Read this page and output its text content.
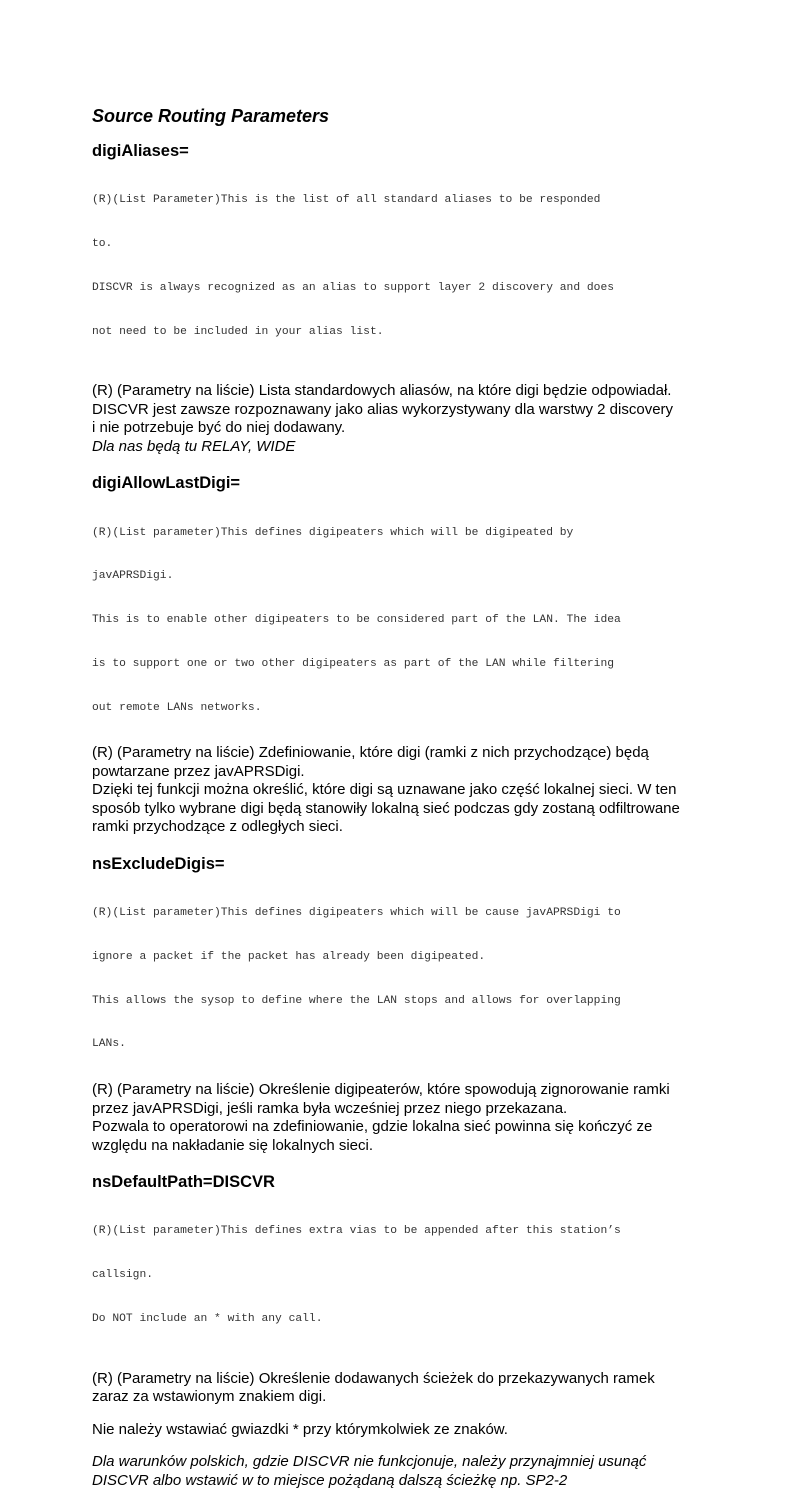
Source Routing Parameters
digiAliases=

(R)(List Parameter)This is the list of all standard aliases to be responded

to.

DISCVR is always recognized as an alias to support layer 2 discovery and does

not need to be included in your alias list.

(R) (Parametry na liście) Lista standardowych aliasów, na które digi będzie odpowiadał.
DISCVR jest zawsze rozpoznawany jako alias wykorzystywany dla warstwy 2 discovery
i nie potrzebuje być do niej dodawany.
Dla nas będą tu RELAY, WIDE
digiAllowLastDigi=

(R)(List parameter)This defines digipeaters which will be digipeated by

javAPRSDigi.

This is to enable other digipeaters to be considered part of the LAN. The idea

is to support one or two other digipeaters as part of the LAN while filtering

out remote LANs networks.

(R) (Parametry na liście) Zdefiniowanie, które digi (ramki z nich przychodzące) będą
powtarzane przez javAPRSDigi.
Dzięki tej funkcji można określić, które digi są uznawane jako część lokalnej sieci. W ten
sposób tylko wybrane digi będą stanowiły lokalną sieć podczas gdy zostaną odfiltrowane
ramki przychodzące z odległych sieci.
nsExcludeDigis=

(R)(List parameter)This defines digipeaters which will be cause javAPRSDigi to

ignore a packet if the packet has already been digipeated.

This allows the sysop to define where the LAN stops and allows for overlapping

LANs.

(R) (Parametry na liście) Określenie digipeaterów, które spowodują zignorowanie ramki
przez javAPRSDigi, jeśli ramka była wcześniej przez niego przekazana.
Pozwala to operatorowi na zdefiniowanie, gdzie lokalna sieć powinna się kończyć ze
względu na nakładanie się lokalnych sieci.
nsDefaultPath=DISCVR

(R)(List parameter)This defines extra vias to be appended after this station’s

callsign.

Do NOT include an * with any call.

(R) (Parametry na liście) Określenie dodawanych ścieżek do przekazywanych ramek
zaraz za wstawionym znakiem digi.
Nie należy wstawiać gwiazdki * przy którymkolwiek ze znaków.
Dla warunków polskich, gdzie DISCVR nie funkcjonuje, należy przynajmniej usunąć
DISCVR albo wstawić w to miejsce pożądaną dalszą ścieżkę np. SP2-2
